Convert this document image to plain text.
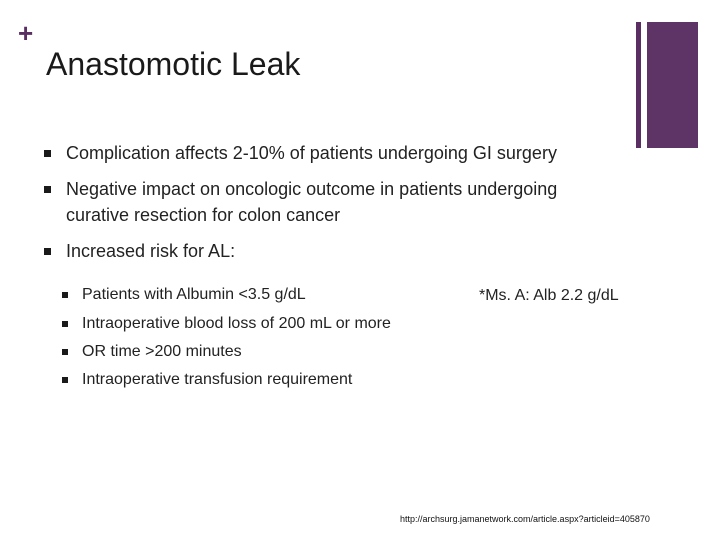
+
Anastomotic Leak
Complication affects 2-10% of patients undergoing GI surgery
Negative impact on oncologic outcome in patients undergoing curative resection for colon cancer
Increased risk for AL:
Patients with Albumin <3.5 g/dL
Intraoperative blood loss of 200 mL or more
OR time >200 minutes
Intraoperative transfusion requirement
*Ms. A: Alb 2.2 g/dL
http://archsurg.jamanetwork.com/article.aspx?articleid=405870
